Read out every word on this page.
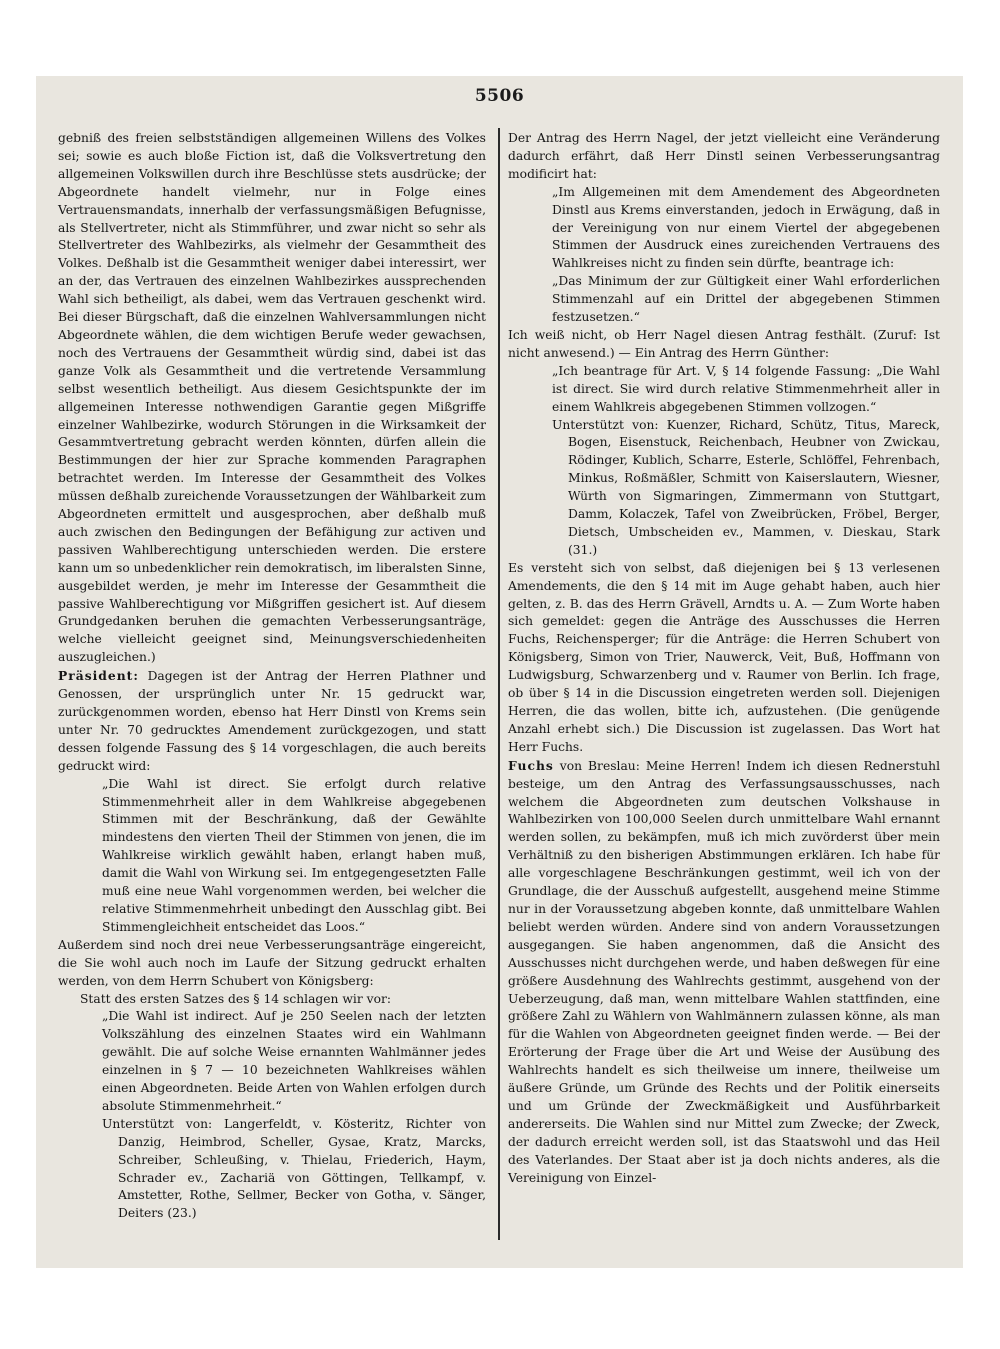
5506

gebniß des freien selbstständigen allgemeinen Willens des Volkes sei; sowie es auch bloße Fiction ist, daß die Volksvertretung den allgemeinen Volkswillen durch ihre Beschlüsse stets ausdrücke; der Abgeordnete handelt vielmehr, nur in Folge eines Vertrauensmandats, innerhalb der verfassungsmäßigen Befugnisse, als Stellvertreter, nicht als Stimmführer, und zwar nicht so sehr als Stellvertreter des Wahlbezirks, als vielmehr der Gesammtheit des Volkes. Deßhalb ist die Gesammtheit weniger dabei interessirt, wer an der, das Vertrauen des einzelnen Wahlbezirkes aussprechenden Wahl sich betheiligt, als dabei, wem das Vertrauen geschenkt wird. Bei dieser Bürgschaft, daß die einzelnen Wahlversammlungen nicht Abgeordnete wählen, die dem wichtigen Berufe weder gewachsen, noch des Vertrauens der Gesammtheit würdig sind, dabei ist das ganze Volk als Gesammtheit und die vertretende Versammlung selbst wesentlich betheiligt. Aus diesem Gesichtspunkte der im allgemeinen Interesse nothwendigen Garantie gegen Mißgriffe einzelner Wahlbezirke, wodurch Störungen in die Wirksamkeit der Gesammtvertretung gebracht werden könnten, dürfen allein die Bestimmungen der hier zur Sprache kommenden Paragraphen betrachtet werden. Im Interesse der Gesammtheit des Volkes müssen deßhalb zureichende Voraussetzungen der Wählbarkeit zum Abgeordneten ermittelt und ausgesprochen, aber deßhalb muß auch zwischen den Bedingungen der Befähigung zur activen und passiven Wahlberechtigung unterschieden werden. Die erstere kann um so unbedenklicher rein demokratisch, im liberalsten Sinne, ausgebildet werden, je mehr im Interesse der Gesammtheit die passive Wahlberechtigung vor Mißgriffen gesichert ist. Auf diesem Grundgedanken beruhen die gemachten Verbesserungsanträge, welche vielleicht geeignet sind, Meinungsverschiedenheiten auszugleichen.)

Präsident: Dagegen ist der Antrag der Herren Plathner und Genossen, der ursprünglich unter Nr. 15 gedruckt war, zurückgenommen worden, ebenso hat Herr Dinstl von Krems sein unter Nr. 70 gedrucktes Amendement zurückgezogen, und statt dessen folgende Fassung des § 14 vorgeschlagen, die auch bereits gedruckt wird:

„Die Wahl ist direct. Sie erfolgt durch relative Stimmenmehrheit aller in dem Wahlkreise abgegebenen Stimmen mit der Beschränkung, daß der Gewählte mindestens den vierten Theil der Stimmen von jenen, die im Wahlkreise wirklich gewählt haben, erlangt haben muß, damit die Wahl von Wirkung sei. Im entgegengesetzten Falle muß eine neue Wahl vorgenommen werden, bei welcher die relative Stimmenmehrheit unbedingt den Ausschlag gibt. Bei Stimmengleichheit entscheidet das Loos.“

Außerdem sind noch drei neue Verbesserungsanträge eingereicht, die Sie wohl auch noch im Laufe der Sitzung gedruckt erhalten werden, von dem Herrn Schubert von Königsberg:

Statt des ersten Satzes des § 14 schlagen wir vor:

„Die Wahl ist indirect. Auf je 250 Seelen nach der letzten Volkszählung des einzelnen Staates wird ein Wahlmann gewählt. Die auf solche Weise ernannten Wahlmänner jedes einzelnen in § 7 — 10 bezeichneten Wahlkreises wählen einen Abgeordneten. Beide Arten von Wahlen erfolgen durch absolute Stimmenmehrheit.“

Unterstützt von: Langerfeldt, v. Kösteritz, Richter von Danzig, Heimbrod, Scheller, Gysae, Kratz, Marcks, Schreiber, Schleußing, v. Thielau, Friederich, Haym, Schrader ev., Zachariä von Göttingen, Tellkampf, v. Amstetter, Rothe, Sellmer, Becker von Gotha, v. Sänger, Deiters (23.)

Der Antrag des Herrn Nagel, der jetzt vielleicht eine Veränderung dadurch erfährt, daß Herr Dinstl seinen Verbesserungsantrag modificirt hat:

„Im Allgemeinen mit dem Amendement des Abgeordneten Dinstl aus Krems einverstanden, jedoch in Erwägung, daß in der Vereinigung von nur einem Viertel der abgegebenen Stimmen der Ausdruck eines zureichenden Vertrauens des Wahlkreises nicht zu finden sein dürfte, beantrage ich:

„Das Minimum der zur Gültigkeit einer Wahl erforderlichen Stimmenzahl auf ein Drittel der abgegebenen Stimmen festzusetzen.“

Ich weiß nicht, ob Herr Nagel diesen Antrag festhält. (Zuruf: Ist nicht anwesend.) — Ein Antrag des Herrn Günther:

„Ich beantrage für Art. V, § 14 folgende Fassung: „Die Wahl ist direct. Sie wird durch relative Stimmenmehrheit aller in einem Wahlkreis abgegebenen Stimmen vollzogen.“

Unterstützt von: Kuenzer, Richard, Schütz, Titus, Mareck, Bogen, Eisenstuck, Reichenbach, Heubner von Zwickau, Rödinger, Kublich, Scharre, Esterle, Schlöffel, Fehrenbach, Minkus, Roßmäßler, Schmitt von Kaiserslautern, Wiesner, Würth von Sigmaringen, Zimmermann von Stuttgart, Damm, Kolaczek, Tafel von Zweibrücken, Fröbel, Berger, Dietsch, Umbscheiden ev., Mammen, v. Dieskau, Stark (31.)

Es versteht sich von selbst, daß diejenigen bei § 13 verlesenen Amendements, die den § 14 mit im Auge gehabt haben, auch hier gelten, z. B. das des Herrn Grävell, Arndts u. A. — Zum Worte haben sich gemeldet: gegen die Anträge des Ausschusses die Herren Fuchs, Reichensperger; für die Anträge: die Herren Schubert von Königsberg, Simon von Trier, Nauwerck, Veit, Buß, Hoffmann von Ludwigsburg, Schwarzenberg und v. Raumer von Berlin. Ich frage, ob über § 14 in die Discussion eingetreten werden soll. Diejenigen Herren, die das wollen, bitte ich, aufzustehen. (Die genügende Anzahl erhebt sich.) Die Discussion ist zugelassen. Das Wort hat Herr Fuchs.

Fuchs von Breslau: Meine Herren! Indem ich diesen Rednerstuhl besteige, um den Antrag des Verfassungsausschusses, nach welchem die Abgeordneten zum deutschen Volkshause in Wahlbezirken von 100,000 Seelen durch unmittelbare Wahl ernannt werden sollen, zu bekämpfen, muß ich mich zuvörderst über mein Verhältniß zu den bisherigen Abstimmungen erklären. Ich habe für alle vorgeschlagene Beschränkungen gestimmt, weil ich von der Grundlage, die der Ausschuß aufgestellt, ausgehend meine Stimme nur in der Voraussetzung abgeben konnte, daß unmittelbare Wahlen beliebt werden würden. Andere sind von andern Voraussetzungen ausgegangen. Sie haben angenommen, daß die Ansicht des Ausschusses nicht durchgehen werde, und haben deßwegen für eine größere Ausdehnung des Wahlrechts gestimmt, ausgehend von der Ueberzeugung, daß man, wenn mittelbare Wahlen stattfinden, eine größere Zahl zu Wählern von Wahlmännern zulassen könne, als man für die Wahlen von Abgeordneten geeignet finden werde. — Bei der Erörterung der Frage über die Art und Weise der Ausübung des Wahlrechts handelt es sich theilweise um innere, theilweise um äußere Gründe, um Gründe des Rechts und der Politik einerseits und um Gründe der Zweckmäßigkeit und Ausführbarkeit andererseits. Die Wahlen sind nur Mittel zum Zwecke; der Zweck, der dadurch erreicht werden soll, ist das Staatswohl und das Heil des Vaterlandes. Der Staat aber ist ja doch nichts anderes, als die Vereinigung von Einzel-
